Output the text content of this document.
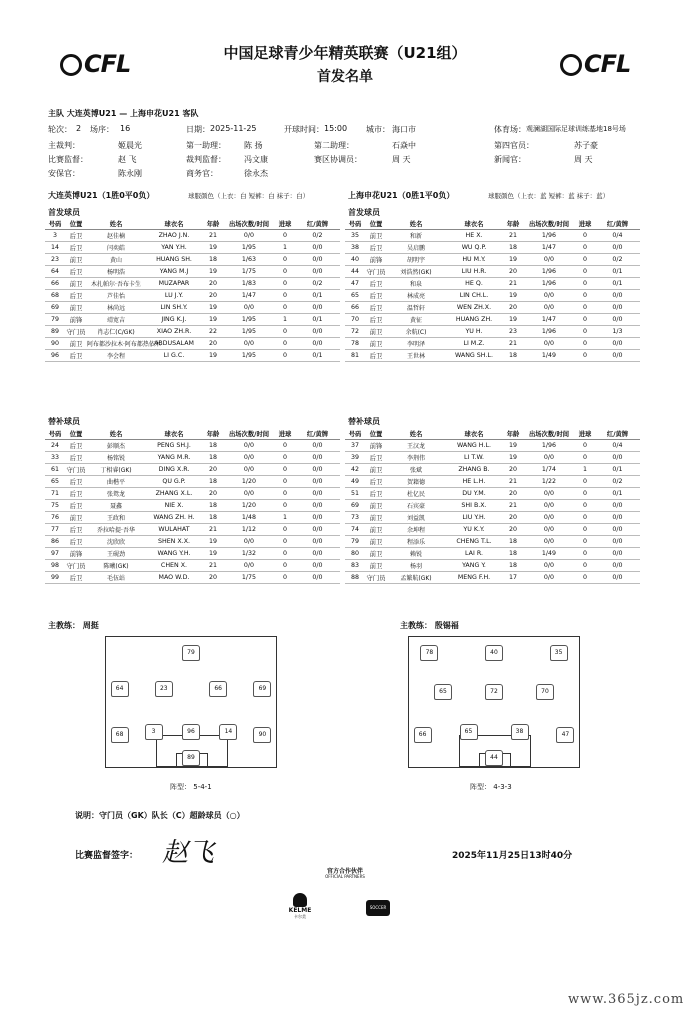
CFL	CFL
中国足球青少年精英联赛（U21组）
首发名单
主队 大连英博U21 — 上海申花U21 客队
轮次： 2 场序： 16	日期： 2025-11-25	开球时间： 15:00 城市： 海口市	体育场： 观澜湖国际足球训练基地18号场
主裁判：	姬晨光	第一助理： 陈 扬	第二助理：	石焱中	第四官员：	苏子豪
比赛监督：	赵 飞	裁判监督： 冯文康	赛区协调员：	周 天	新闻官：	周 天
安保官：	陈永刚	商务官：	徐永杰
大连英博U21（1胜0平0负）	球服颜色（上衣：白 短裤：白 袜子：白）	上海申花U21（0胜1平0负）	球服颜色（上衣：蓝 短裤：蓝 袜子：蓝）
首发球员	首发球员
号码	位置	姓名	球衣名	年龄	出场次数/时间	进球	红/黄牌
3	后卫	赵佳楠	ZHAO J.N.	21	0/0	0	0/2
14	后卫	闫奕皓	YAN Y.H.	19	1/95	1	0/0
23	前卫	黄山	HUANG SH.	18	1/63	0	0/0
64	后卫	杨明浩	YANG M.J	19	1/75	0	0/0
66	前卫	木扎帕尔·吾布卡生	MUZAPAR	20	1/83	0	0/2
68	后卫	芦佳怡	LU J.Y.	20	1/47	0	0/1
69	前卫	林尚远	LIN SH.Y.	19	0/0	0	0/0
79	前锋	靖宽吉	JING K.J.	19	1/95	1	0/1
89	守门员	肖志仁(C/GK)	XIAO ZH.R.	22	1/95	0	0/0
90	前卫	阿布都沙拉木·阿布都热依木	ABDUSALAM	20	0/0	0	0/0
96	后卫	李会程	LI G.C.	19	1/95	0	0/1
号码	位置	姓名	球衣名	年龄	出场次数/时间	进球	红/黄牌
35	前卫	和新	HE X.	21	1/96	0	0/4
38	后卫	吴启鹏	WU Q.P.	18	1/47	0	0/0
40	前锋	胡明宇	HU M.Y.	19	0/0	0	0/2
44	守门员	刘浩然(GK)	LIU H.R.	20	1/96	0	0/1
47	后卫	和泉	HE Q.	21	1/96	0	0/1
65	后卫	林成亮	LIN CH.L.	19	0/0	0	0/0
66	后卫	温哲轩	WEN ZH.X.	20	0/0	0	0/0
70	后卫	黄征	HUANG ZH.	19	1/47	0	0/0
72	前卫	余航(C)	YU H.	23	1/96	0	1/3
78	前卫	李明泽	LI M.Z.	21	0/0	0	0/0
81	后卫	王世林	WANG SH.L.	18	1/49	0	0/0
替补球员	替补球员
号码	位置	姓名	球衣名	年龄	出场次数/时间	进球	红/黄牌
24	后卫	彭顺杰	PENG SH.J.	18	0/0	0	0/0
33	后卫	杨铭锐	YANG M.R.	18	0/0	0	0/0
61	守门员	丁相睿(GK)	DING X.R.	20	0/0	0	0/0
65	后卫	曲楷平	QU G.P.	18	1/20	0	0/0
71	后卫	张鸳龙	ZHANG X.L.	20	0/0	0	0/0
75	后卫	聂鑫	NIE X.	18	1/20	0	0/0
76	前卫	王政和	WANG ZH. H.	18	1/48	1	0/0
77	后卫	乔拉哈提·吾华	WULAHAT	21	1/12	0	0/0
86	后卫	沈欣欣	SHEN X.X.	19	0/0	0	0/0
97	前锋	王砚劲	WANG Y.H.	19	1/32	0	0/0
98	守门员	陈曦(GK)	CHEN X.	21	0/0	0	0/0
99	后卫	毛伍站	MAO W.D.	20	1/75	0	0/0
号码	位置	姓名	球衣名	年龄	出场次数/时间	进球	红/黄牌
37	前锋	王汉龙	WANG H.L.	19	1/96	0	0/4
39	后卫	李荆伟	LI T.W.	19	0/0	0	0/0
42	前卫	张斌	ZHANG B.	20	1/74	1	0/1
49	后卫	贺籍德	HE L.H.	21	1/22	0	0/2
51	后卫	杜亿民	DU Y.M.	20	0/0	0	0/1
69	前卫	石宾豪	SHI B.X.	21	0/0	0	0/0
73	前卫	刘益凯	LIU Y.H.	20	0/0	0	0/0
74	前卫	余坤程	YU K.Y.	20	0/0	0	0/0
79	前卫	程添乐	CHENG T.L.	18	0/0	0	0/0
80	前卫	赖锐	LAI R.	18	1/49	0	0/0
83	前卫	杨羽	YANG Y.	18	0/0	0	0/0
88	守门员	孟繁航(GK)	MENG F.H.	17	0/0	0	0/0
主教练： 周挺	主教练： 殷锡福
79
64	23	66	69
68	3	96	14	90
89
阵型： 5-4-1
78	40	35
65	72	70
66	65	38	47
44
阵型： 4-3-3
说明：守门员（GK）队长（C）超龄球员（○）
比赛监督签字： 赵飞	2025年11月25日13时40分
官方合作伙伴
OFFICIAL PARTNERS
KELME
卡尔美
SOCCER
www.365jz.com
